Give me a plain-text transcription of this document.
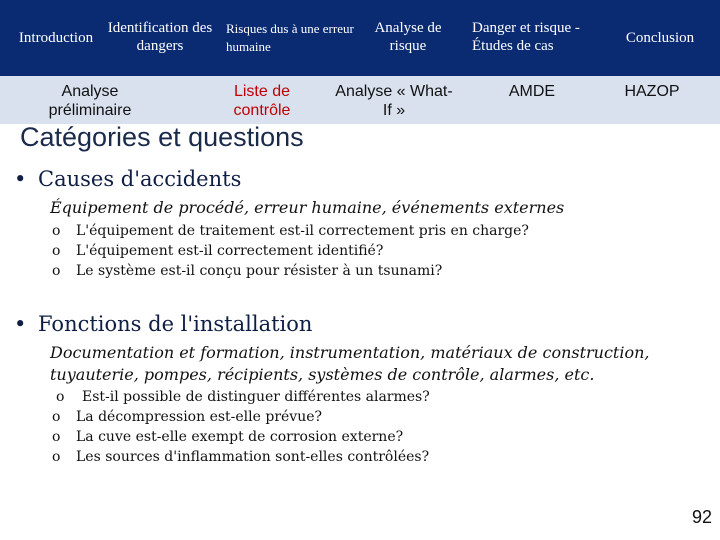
Introduction
Identification des dangers
Risques dus à une erreur humaine
Analyse de risque
Danger et risque - Études de cas	Conclusion
Analyse préliminaire
Liste de contrôle
Analyse « What-If »
AMDE	HAZOP
Catégories et questions
• Causes d'accidents
Équipement de procédé, erreur humaine, événements externes
o L'équipement de traitement est-il correctement pris en charge?
o L'équipement est-il correctement identifié?
o Le système est-il conçu pour résister à un tsunami?
• Fonctions de l'installation
Documentation et formation, instrumentation, matériaux de construction, tuyauterie, pompes, récipients, systèmes de contrôle, alarmes, etc.
o Est-il possible de distinguer différentes alarmes?
o La décompression est-elle prévue?
o La cuve est-elle exempt de corrosion externe?
o Les sources d'inflammation sont-elles contrôlées?
92
